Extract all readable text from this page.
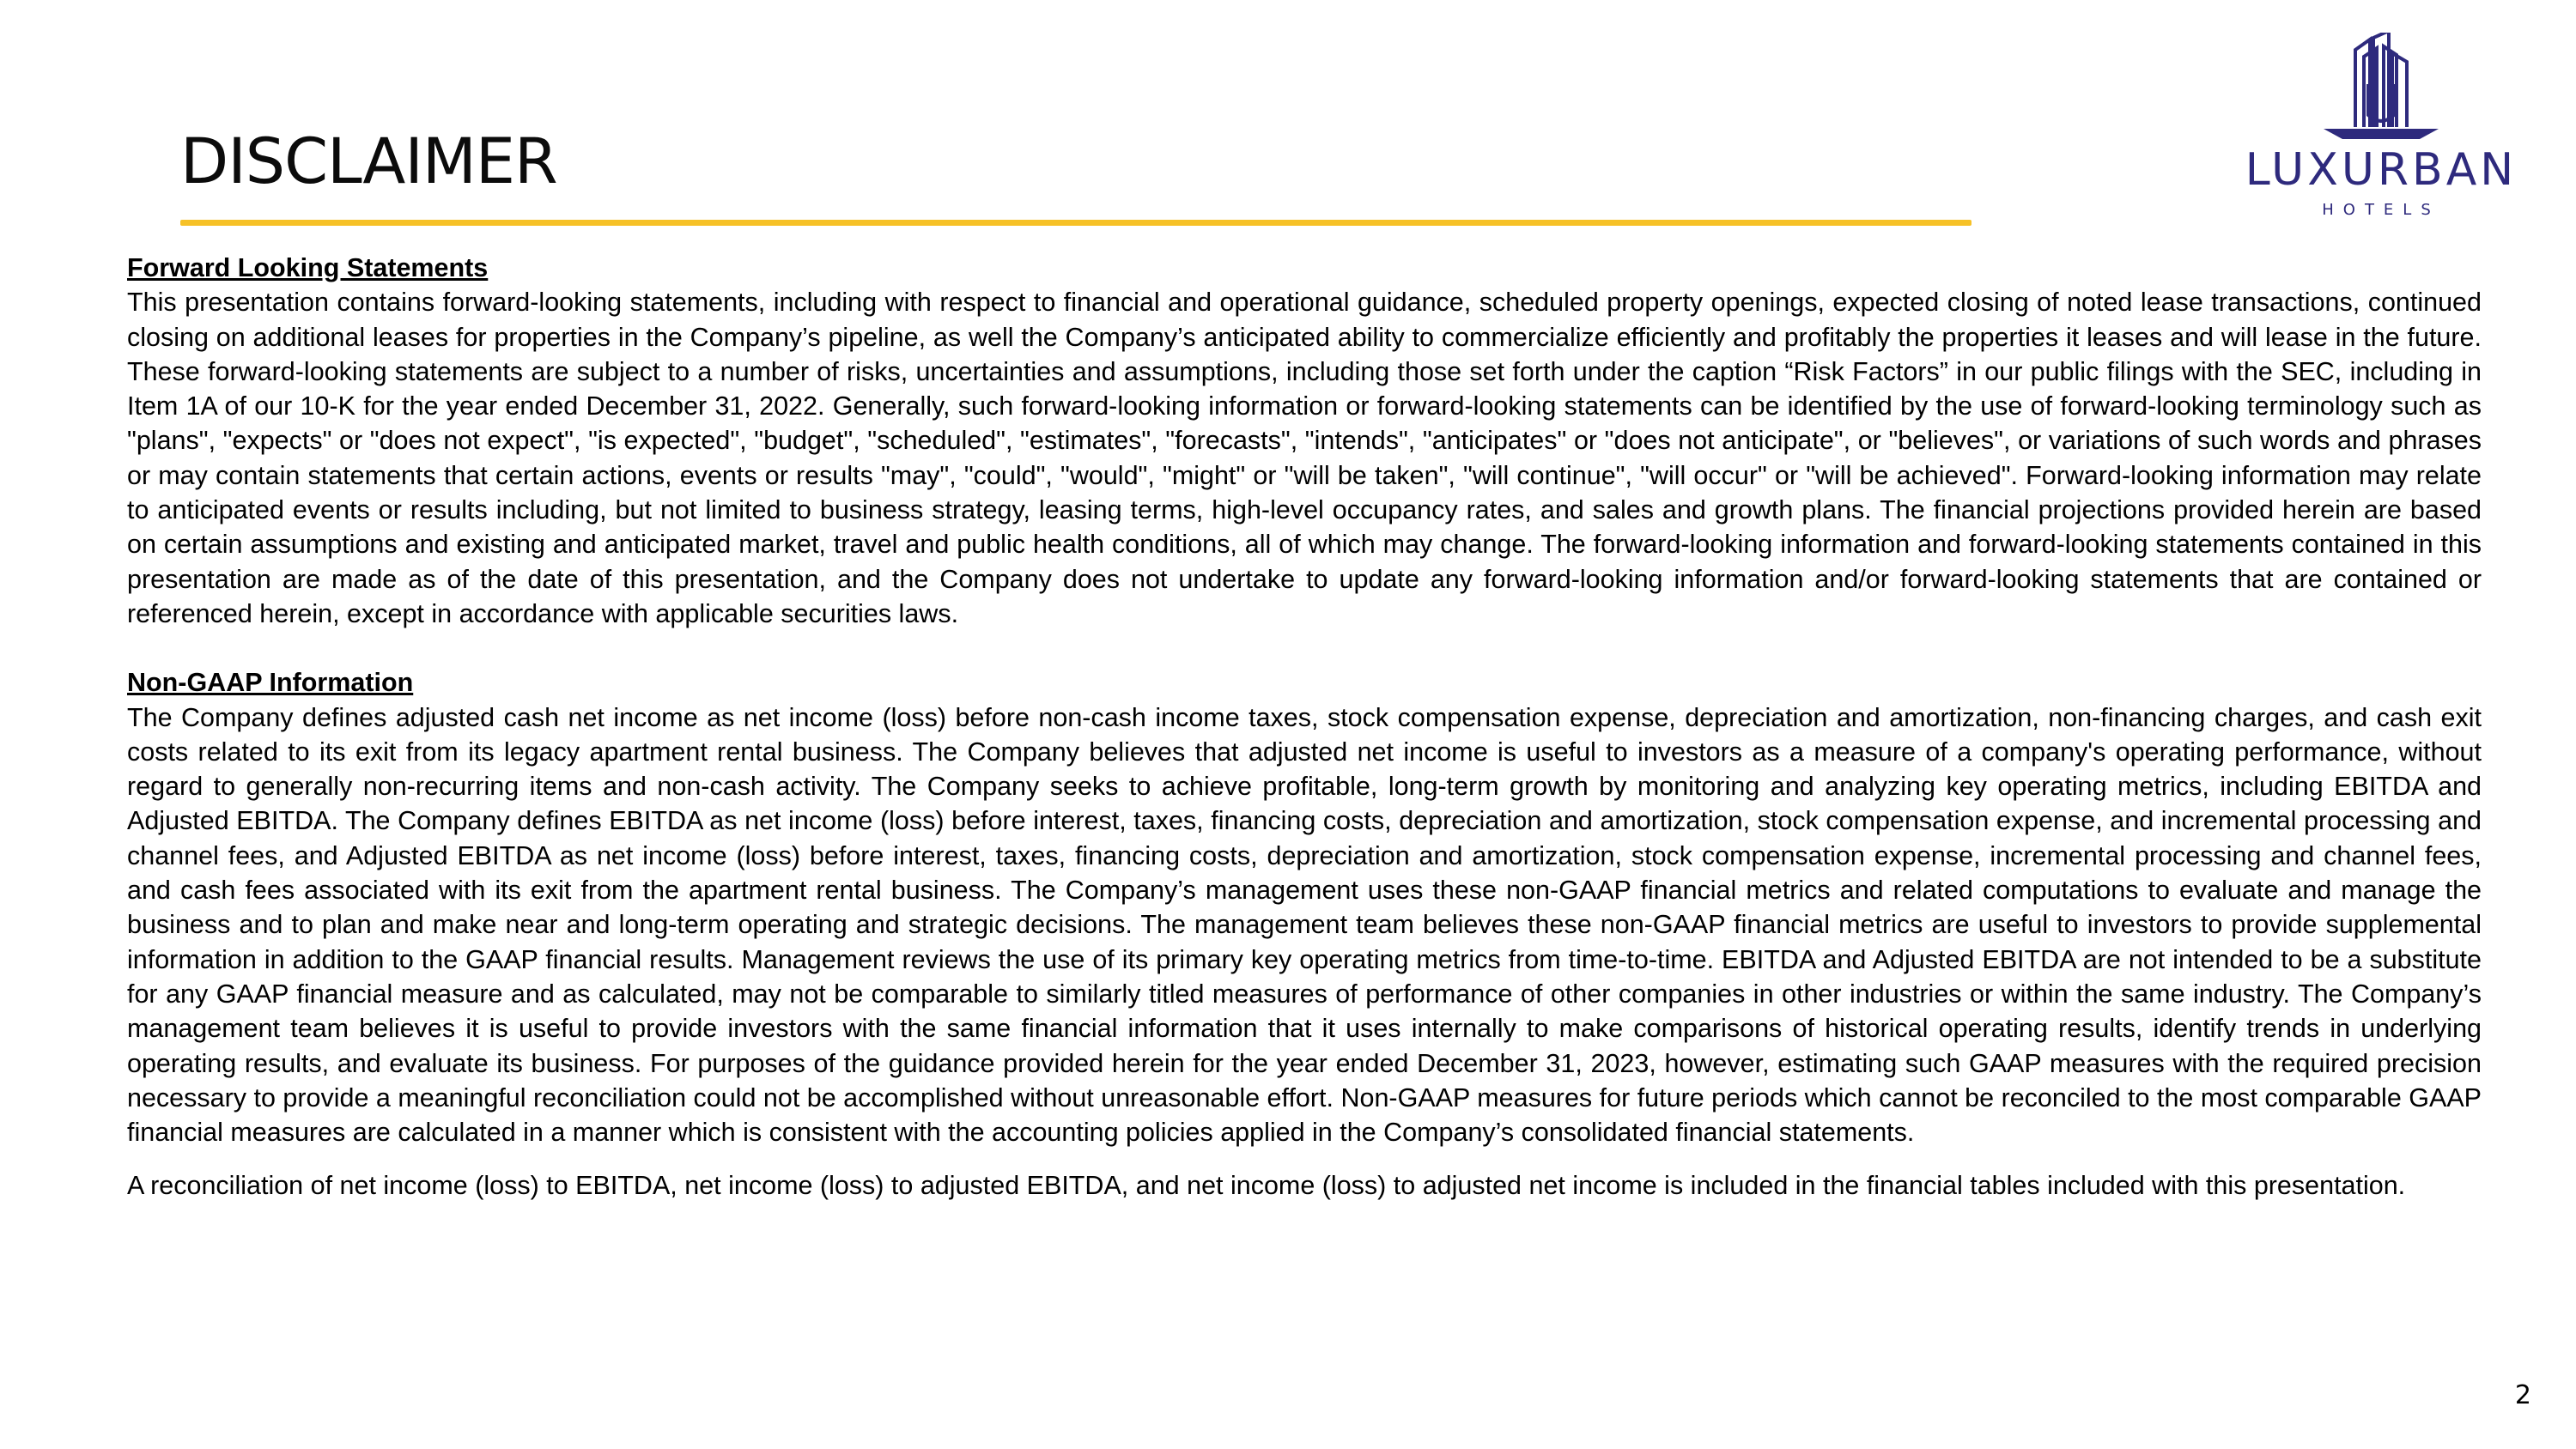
DISCLAIMER	LUXURBAN
HOTELS

Forward Looking Statements

This presentation contains forward-looking statements, including with respect to financial and operational guidance, scheduled property openings, expected closing of noted lease transactions, continued closing on additional leases for properties in the Company’s pipeline, as well the Company’s anticipated ability to commercialize efficiently and profitably the properties it leases and will lease in the future. These forward-looking statements are subject to a number of risks, uncertainties and assumptions, including those set forth under the caption “Risk Factors” in our public filings with the SEC, including in Item 1A of our 10-K for the year ended December 31, 2022. Generally, such forward-looking information or forward-looking statements can be identified by the use of forward-looking terminology such as "plans", "expects" or "does not expect", "is expected", "budget", "scheduled", "estimates", "forecasts", "intends", "anticipates" or "does not anticipate", or "believes", or variations of such words and phrases or may contain statements that certain actions, events or results "may", "could", "would", "might" or "will be taken", "will continue", "will occur" or "will be achieved". Forward-looking information may relate to anticipated events or results including, but not limited to business strategy, leasing terms, high-level occupancy rates, and sales and growth plans. The financial projections provided herein are based on certain assumptions and existing and anticipated market, travel and public health conditions, all of which may change. The forward-looking information and forward-looking statements contained in this presentation are made as of the date of this presentation, and the Company does not undertake to update any forward-looking information and/or forward-looking statements that are contained or referenced herein, except in accordance with applicable securities laws.

Non-GAAP Information

The Company defines adjusted cash net income as net income (loss) before non-cash income taxes, stock compensation expense, depreciation and amortization, non-financing charges, and cash exit costs related to its exit from its legacy apartment rental business. The Company believes that adjusted net income is useful to investors as a measure of a company's operating performance, without regard to generally non-recurring items and non-cash activity. The Company seeks to achieve profitable, long-term growth by monitoring and analyzing key operating metrics, including EBITDA and Adjusted EBITDA. The Company defines EBITDA as net income (loss) before interest, taxes, financing costs, depreciation and amortization, stock compensation expense, and incremental processing and channel fees, and Adjusted EBITDA as net income (loss) before interest, taxes, financing costs, depreciation and amortization, stock compensation expense, incremental processing and channel fees, and cash fees associated with its exit from the apartment rental business. The Company’s management uses these non-GAAP financial metrics and related computations to evaluate and manage the business and to plan and make near and long-term operating and strategic decisions. The management team believes these non-GAAP financial metrics are useful to investors to provide supplemental information in addition to the GAAP financial results. Management reviews the use of its primary key operating metrics from time-to-time. EBITDA and Adjusted EBITDA are not intended to be a substitute for any GAAP financial measure and as calculated, may not be comparable to similarly titled measures of performance of other companies in other industries or within the same industry. The Company’s management team believes it is useful to provide investors with the same financial information that it uses internally to make comparisons of historical operating results, identify trends in underlying operating results, and evaluate its business. For purposes of the guidance provided herein for the year ended December 31, 2023, however, estimating such GAAP measures with the required precision necessary to provide a meaningful reconciliation could not be accomplished without unreasonable effort. Non-GAAP measures for future periods which cannot be reconciled to the most comparable GAAP financial measures are calculated in a manner which is consistent with the accounting policies applied in the Company’s consolidated financial statements.

A reconciliation of net income (loss) to EBITDA, net income (loss) to adjusted EBITDA, and net income (loss) to adjusted net income is included in the financial tables included with this presentation.

2
